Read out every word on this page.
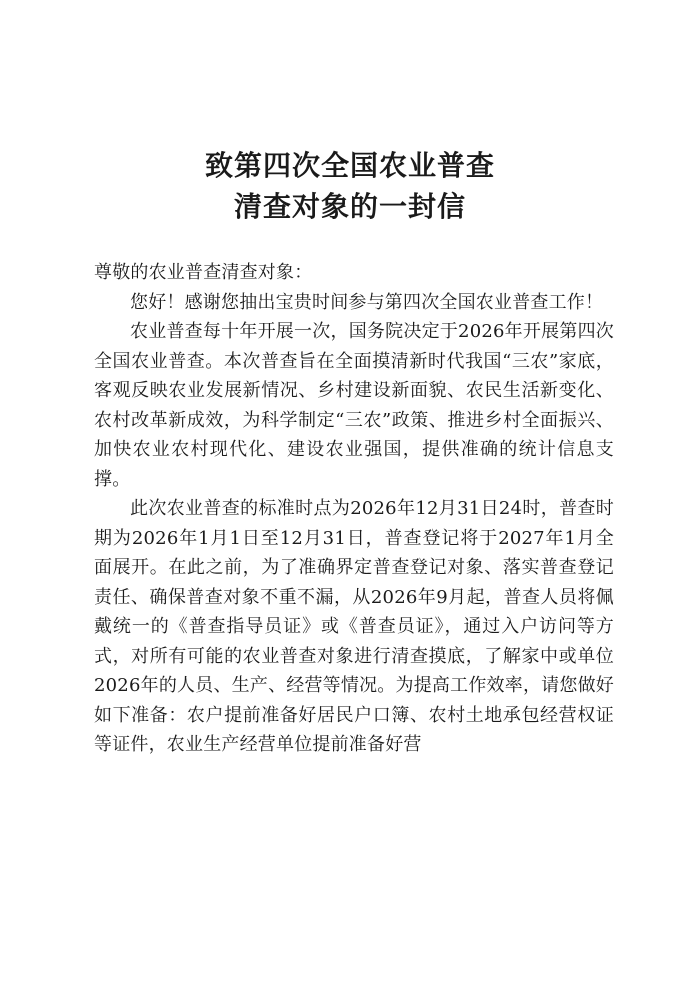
致第四次全国农业普查
清查对象的一封信

尊敬的农业普查清查对象：

您好！感谢您抽出宝贵时间参与第四次全国农业普查工作！

农业普查每十年开展一次，国务院决定于2026年开展第四次全国农业普查。本次普查旨在全面摸清新时代我国“三农”家底，客观反映农业发展新情况、乡村建设新面貌、农民生活新变化、农村改革新成效，为科学制定“三农”政策、推进乡村全面振兴、加快农业农村现代化、建设农业强国，提供准确的统计信息支撑。

此次农业普查的标准时点为2026年12月31日24时，普查时期为2026年1月1日至12月31日，普查登记将于2027年1月全面展开。在此之前，为了准确界定普查登记对象、落实普查登记责任、确保普查对象不重不漏，从2026年9月起，普查人员将佩戴统一的《普查指导员证》或《普查员证》，通过入户访问等方式，对所有可能的农业普查对象进行清查摸底，了解家中或单位2026年的人员、生产、经营等情况。为提高工作效率，请您做好如下准备：农户提前准备好居民户口簿、农村土地承包经营权证等证件，农业生产经营单位提前准备好营
